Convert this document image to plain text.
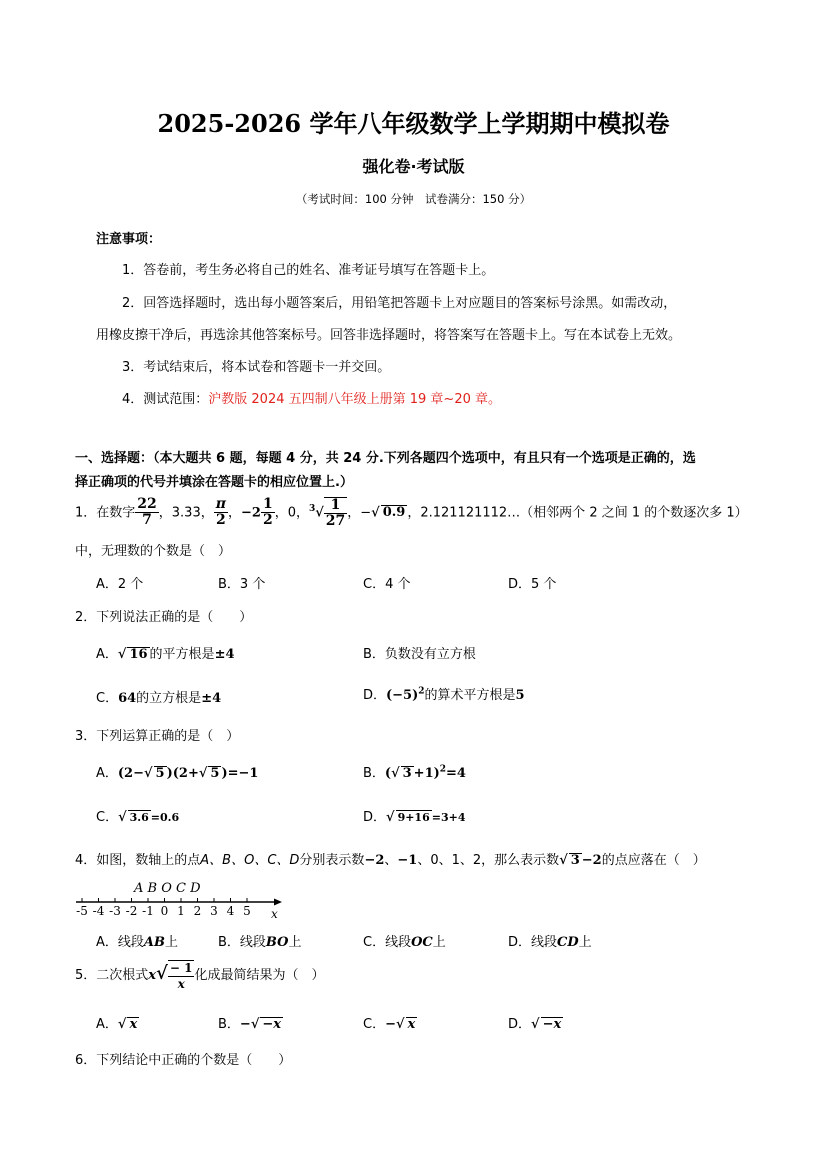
2025-2026 学年八年级数学上学期期中模拟卷
强化卷·考试版
（考试时间：100 分钟　试卷满分：150 分）
注意事项：
1．答卷前，考生务必将自己的姓名、准考证号填写在答题卡上。
2．回答选择题时，选出每小题答案后，用铅笔把答题卡上对应题目的答案标号涂黑。如需改动，
用橡皮擦干净后，再选涂其他答案标号。回答非选择题时，将答案写在答题卡上。写在本试卷上无效。
3．考试结束后，将本试卷和答题卡一并交回。
4．测试范围：沪教版 2024 五四制八年级上册第 19 章~20 章。
一、选择题：（本大题共 6 题，每题 4 分，共 24 分.下列各题四个选项中，有且只有一个选项是正确的，选
择正确项的代号并填涂在答题卡的相应位置上.）
1．在数字 $\frac{22}{7}$ ，3.33， $\frac{\pi}{2}$ ，$-2 \frac{1}{2}$ ，0，$^3√ \frac{1}{27}$ ，−√ 0.9 ，2.121121112…（相邻两个 2 之间 1 的个数逐次多 1）
中，无理数的个数是（　）
A．2 个	B．3 个	C．4 个	D．5 个
2．下列说法正确的是（　　）
A．√ 16 的平方根是±4	B．负数没有立方根
C．64的立方根是±4	D．$(-5)^2$的算术平方根是5
3．下列运算正确的是（　）
A．(2−√ 5 )(2+√ 5 )=−1	B．(√ 3 +1)$^2$=4
C．√ 3.6 =0.6	D．√ 9+16 =3+4
4．如图，数轴上的点A、B、O、C、D分别表示数−2、−1、0、1、2，那么表示数√ 3 −2的点应落在（　）
-5 -4 -3 -2 -1 0 1 2 3 4 5
A B O C D
x
A．线段AB上	B．线段BO上	C．线段OC上	D．线段CD上
5．二次根式$x√ \frac{- 1}{x}$ 化成最简结果为（　）
A．√ x	B．−√ −x	C．−√ x	D．√ −x
6．下列结论中正确的个数是（　　）
